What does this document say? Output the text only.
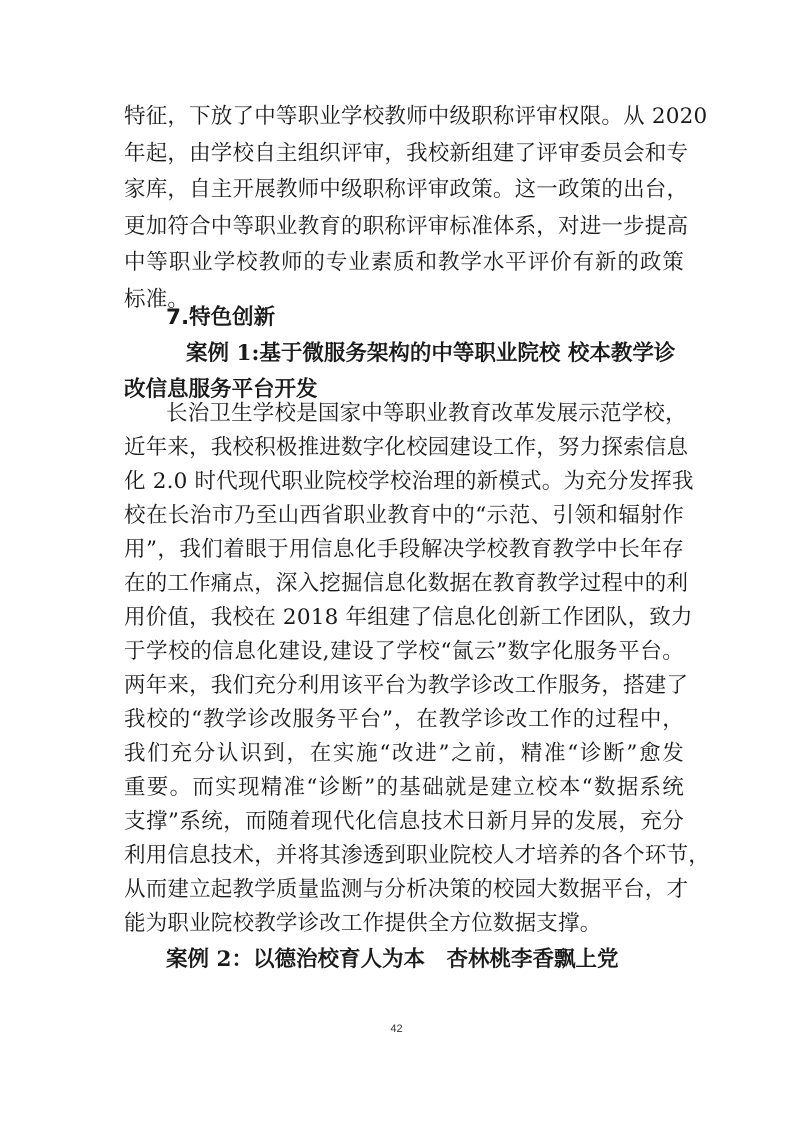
特征，下放了中等职业学校教师中级职称评审权限。从 2020
年起，由学校自主组织评审，我校新组建了评审委员会和专
家库，自主开展教师中级职称评审政策。这一政策的出台，
更加符合中等职业教育的职称评审标准体系，对进一步提高
中等职业学校教师的专业素质和教学水平评价有新的政策
标准。
7.特色创新
案例 1:基于微服务架构的中等职业院校 校本教学诊
改信息服务平台开发
长治卫生学校是国家中等职业教育改革发展示范学校，
近年来，我校积极推进数字化校园建设工作，努力探索信息
化 2.0 时代现代职业院校学校治理的新模式。为充分发挥我
校在长治市乃至山西省职业教育中的“示范、引领和辐射作
用”，我们着眼于用信息化手段解决学校教育教学中长年存
在的工作痛点，深入挖掘信息化数据在教育教学过程中的利
用价值，我校在 2018 年组建了信息化创新工作团队，致力
于学校的信息化建设,建设了学校“氤云”数字化服务平台。
两年来，我们充分利用该平台为教学诊改工作服务，搭建了
我校的“教学诊改服务平台”，在教学诊改工作的过程中，
我们充分认识到，在实施“改进”之前，精准“诊断”愈发
重要。而实现精准“诊断”的基础就是建立校本“数据系统
支撑”系统，而随着现代化信息技术日新月异的发展，充分
利用信息技术，并将其渗透到职业院校人才培养的各个环节，
从而建立起教学质量监测与分析决策的校园大数据平台，才
能为职业院校教学诊改工作提供全方位数据支撑。
案例 2：以德治校育人为本　杏林桃李香飘上党
42
